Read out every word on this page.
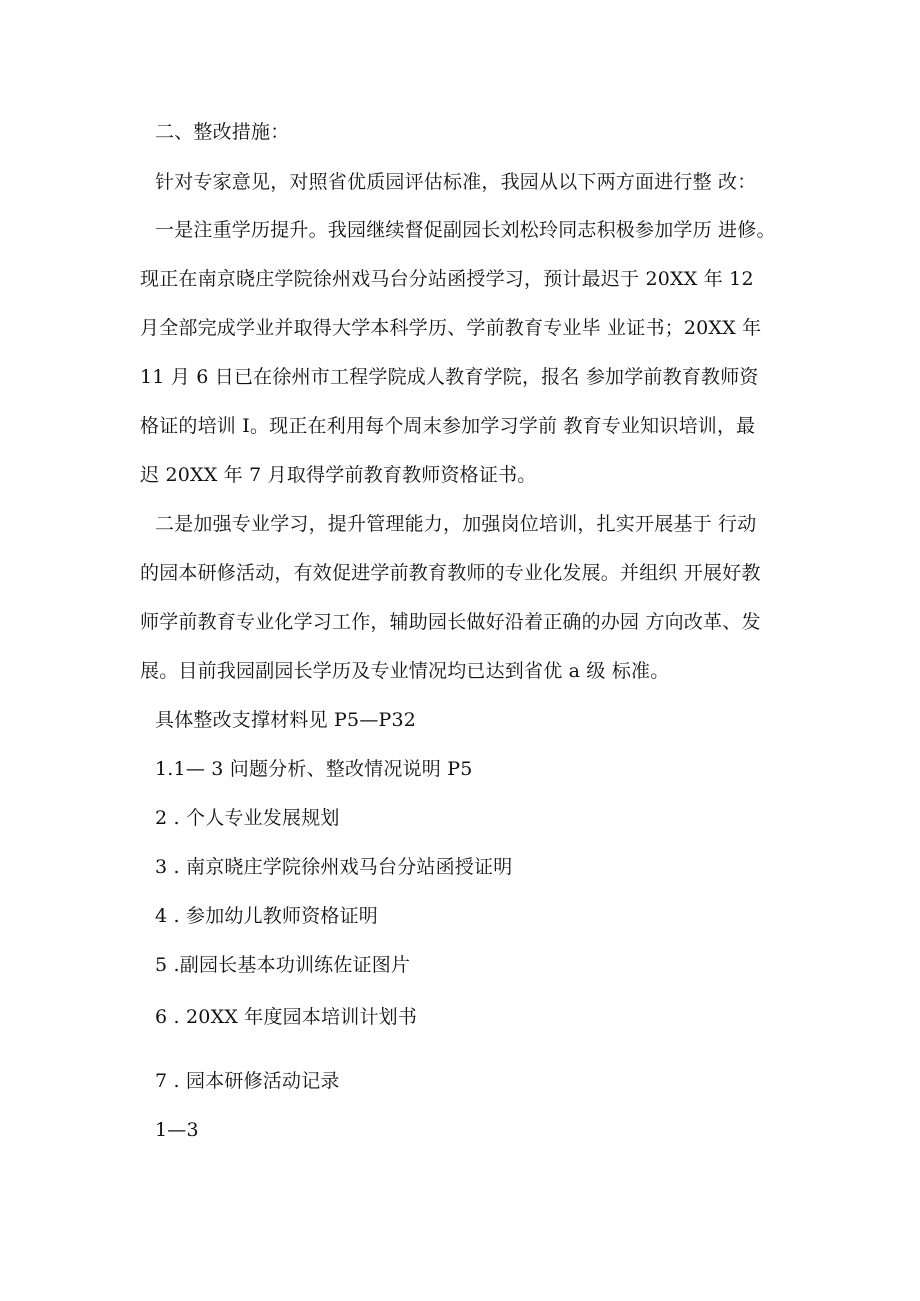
二、整改措施：
针对专家意见，对照省优质园评估标准，我园从以下两方面进行整 改：
一是注重学历提升。我园继续督促副园长刘松玲同志积极参加学历 进修。
现正在南京晓庄学院徐州戏马台分站函授学习，预计最迟于 20XX 年 12
月全部完成学业并取得大学本科学历、学前教育专业毕 业证书；20XX 年
11 月 6 日已在徐州市工程学院成人教育学院，报名 参加学前教育教师资
格证的培训 I。现正在利用每个周末参加学习学前 教育专业知识培训，最
迟 20XX 年 7 月取得学前教育教师资格证书。
二是加强专业学习，提升管理能力，加强岗位培训，扎实开展基于 行动
的园本研修活动，有效促进学前教育教师的专业化发展。并组织 开展好教
师学前教育专业化学习工作，辅助园长做好沿着正确的办园 方向改革、发
展。目前我园副园长学历及专业情况均已达到省优 a 级 标准。
具体整改支撑材料见 P5—P32
1.1— 3 问题分析、整改情况说明 P5
2 . 个人专业发展规划
3 . 南京晓庄学院徐州戏马台分站函授证明
4 . 参加幼儿教师资格证明
5 .副园长基本功训练佐证图片
6 . 20XX 年度园本培训计划书
7 . 园本研修活动记录
1—3
